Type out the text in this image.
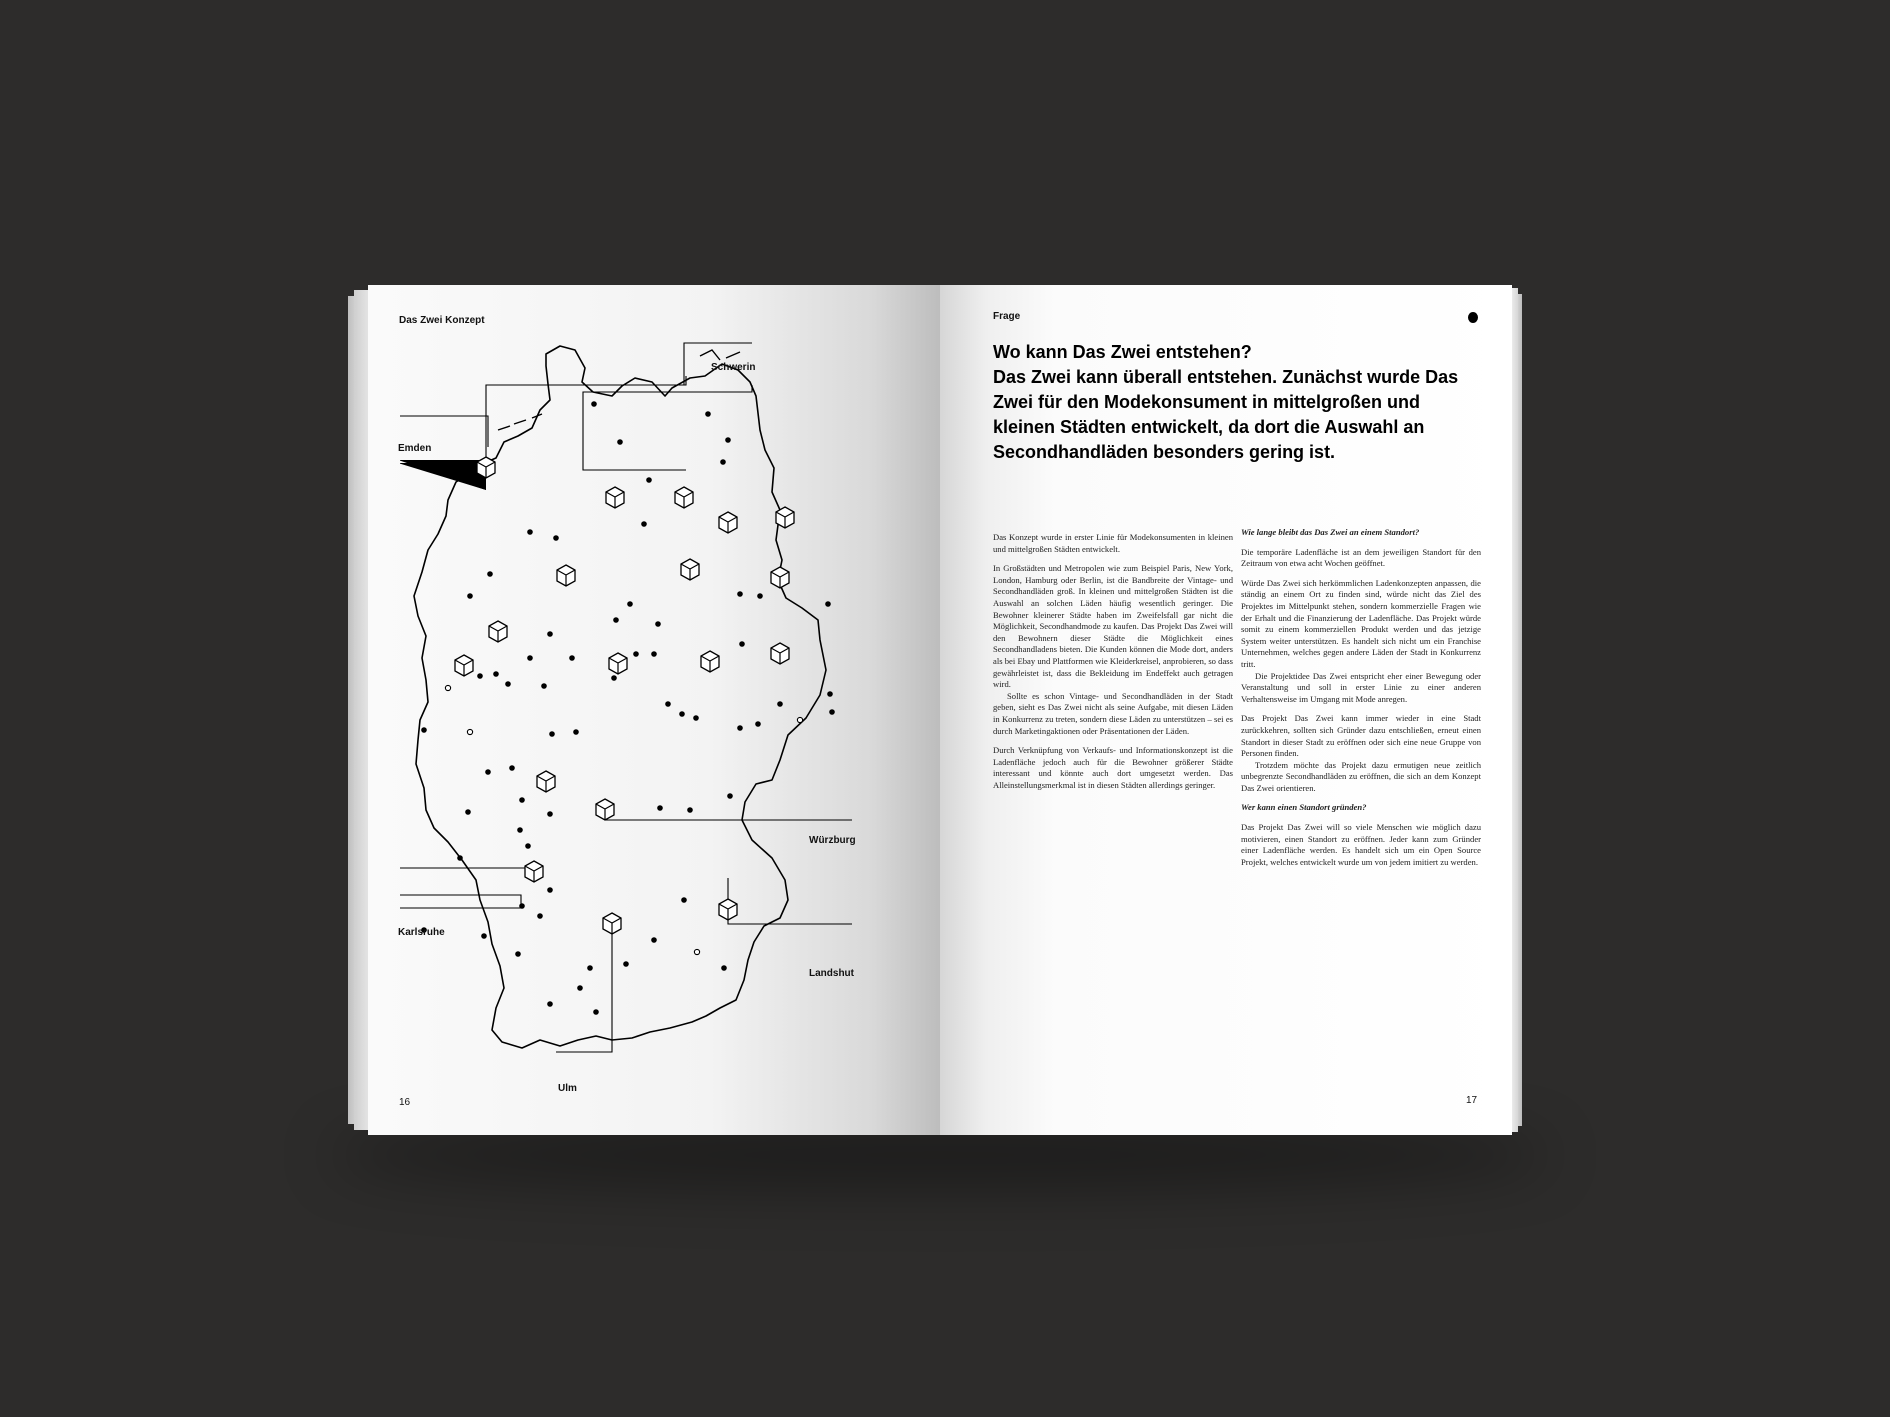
Das Zwei Konzept
16
Schwerin
Emden
Würzburg
Karlsruhe
Landshut
Ulm
Frage
17
Wo kann Das Zwei entstehen?
Das Zwei kann überall entstehen. Zunächst wurde Das Zwei für den Modekonsument in mittelgroßen und kleinen Städten entwickelt, da dort die Auswahl an Secondhandläden besonders gering ist.

Das Konzept wurde in erster Linie für Modekonsumenten in kleinen und mittelgroßen Städten entwickelt.

In Großstädten und Metropolen wie zum Beispiel Paris, New York, London, Hamburg oder Berlin, ist die Bandbreite der Vintage- und Secondhandläden groß. In kleinen und mittelgroßen Städten ist die Auswahl an solchen Läden häufig wesentlich geringer. Die Bewohner kleinerer Städte haben im Zweifelsfall gar nicht die Möglichkeit, Secondhandmode zu kaufen. Das Projekt Das Zwei will den Bewohnern dieser Städte die Möglichkeit eines Secondhandladens bieten. Die Kunden können die Mode dort, anders als bei Ebay und Plattformen wie Kleiderkreisel, anprobieren, so dass gewährleistet ist, dass die Bekleidung im Endeffekt auch getragen wird.

Sollte es schon Vintage- und Secondhandläden in der Stadt geben, sieht es Das Zwei nicht als seine Aufgabe, mit diesen Läden in Konkurrenz zu treten, sondern diese Läden zu unterstützen – sei es durch Marketingaktionen oder Präsentationen der Läden.

Durch Verknüpfung von Verkaufs- und Informationskonzept ist die Ladenfläche jedoch auch für die Bewohner größerer Städte interessant und könnte auch dort umgesetzt werden. Das Alleinstellungsmerkmal ist in diesen Städten allerdings geringer.

Wie lange bleibt das Das Zwei an einem Standort?

Die temporäre Ladenfläche ist an dem jeweiligen Standort für den Zeitraum von etwa acht Wochen geöffnet.

Würde Das Zwei sich herkömmlichen Ladenkonzepten anpassen, die ständig an einem Ort zu finden sind, würde nicht das Ziel des Projektes im Mittelpunkt stehen, sondern kommerzielle Fragen wie der Erhalt und die Finanzierung der Ladenfläche. Das Projekt würde somit zu einem kommerziellen Produkt werden und das jetzige System weiter unterstützen. Es handelt sich nicht um ein Franchise Unternehmen, welches gegen andere Läden der Stadt in Konkurrenz tritt.

Die Projektidee Das Zwei entspricht eher einer Bewegung oder Veranstaltung und soll in erster Linie zu einer anderen Verhaltensweise im Umgang mit Mode anregen.

Das Projekt Das Zwei kann immer wieder in eine Stadt zurückkehren, sollten sich Gründer dazu entschließen, erneut einen Standort in dieser Stadt zu eröffnen oder sich eine neue Gruppe von Personen finden.

Trotzdem möchte das Projekt dazu ermutigen neue zeitlich unbegrenzte Secondhandläden zu eröffnen, die sich an dem Konzept Das Zwei orientieren.

Wer kann einen Standort gründen?

Das Projekt Das Zwei will so viele Menschen wie möglich dazu motivieren, einen Standort zu eröffnen. Jeder kann zum Gründer einer Ladenfläche werden. Es handelt sich um ein Open Source Projekt, welches entwickelt wurde um von jedem imitiert zu werden.
